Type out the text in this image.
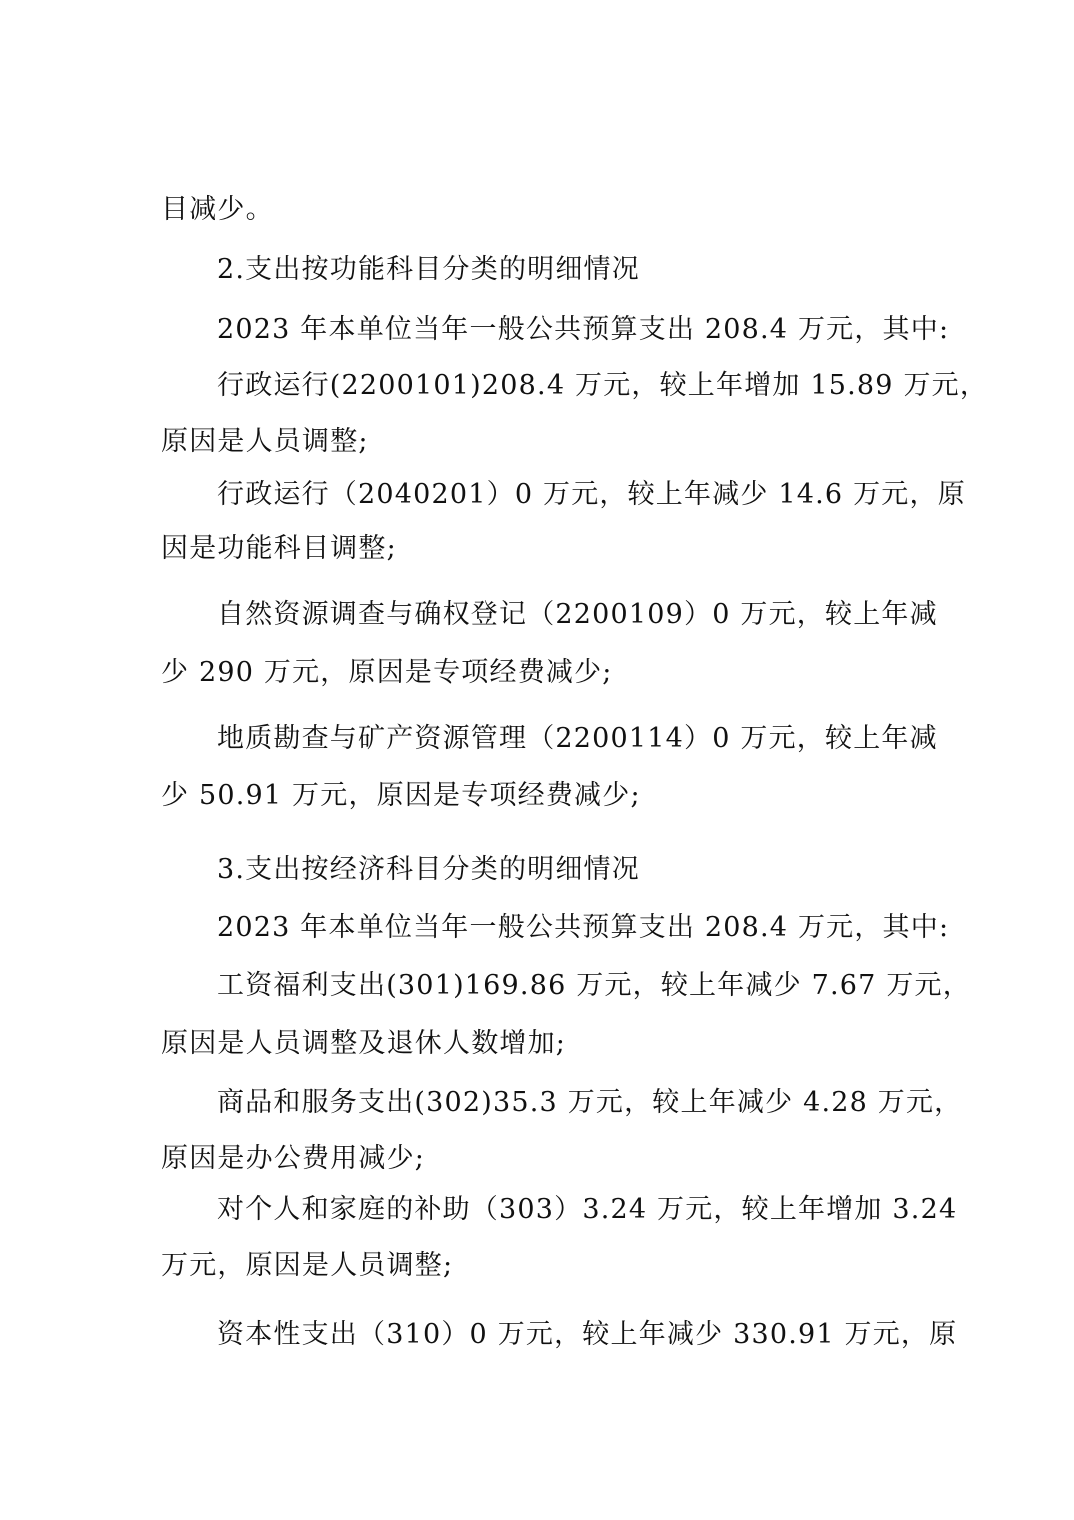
目减少。
2.支出按功能科目分类的明细情况
2023 年本单位当年一般公共预算支出 208.4 万元，其中:
行政运行(2200101)208.4 万元，较上年增加 15.89 万元，
原因是人员调整;
行政运行（2040201）0 万元，较上年减少 14.6 万元，原
因是功能科目调整;
自然资源调查与确权登记（2200109）0 万元，较上年减
少 290 万元，原因是专项经费减少;
地质勘查与矿产资源管理（2200114）0 万元，较上年减
少 50.91 万元，原因是专项经费减少;
3.支出按经济科目分类的明细情况
2023 年本单位当年一般公共预算支出 208.4 万元，其中:
工资福利支出(301)169.86 万元，较上年减少 7.67 万元，
原因是人员调整及退休人数增加;
商品和服务支出(302)35.3 万元，较上年减少 4.28 万元，
原因是办公费用减少;
对个人和家庭的补助（303）3.24 万元，较上年增加 3.24
万元，原因是人员调整;
资本性支出（310）0 万元，较上年减少 330.91 万元，原
